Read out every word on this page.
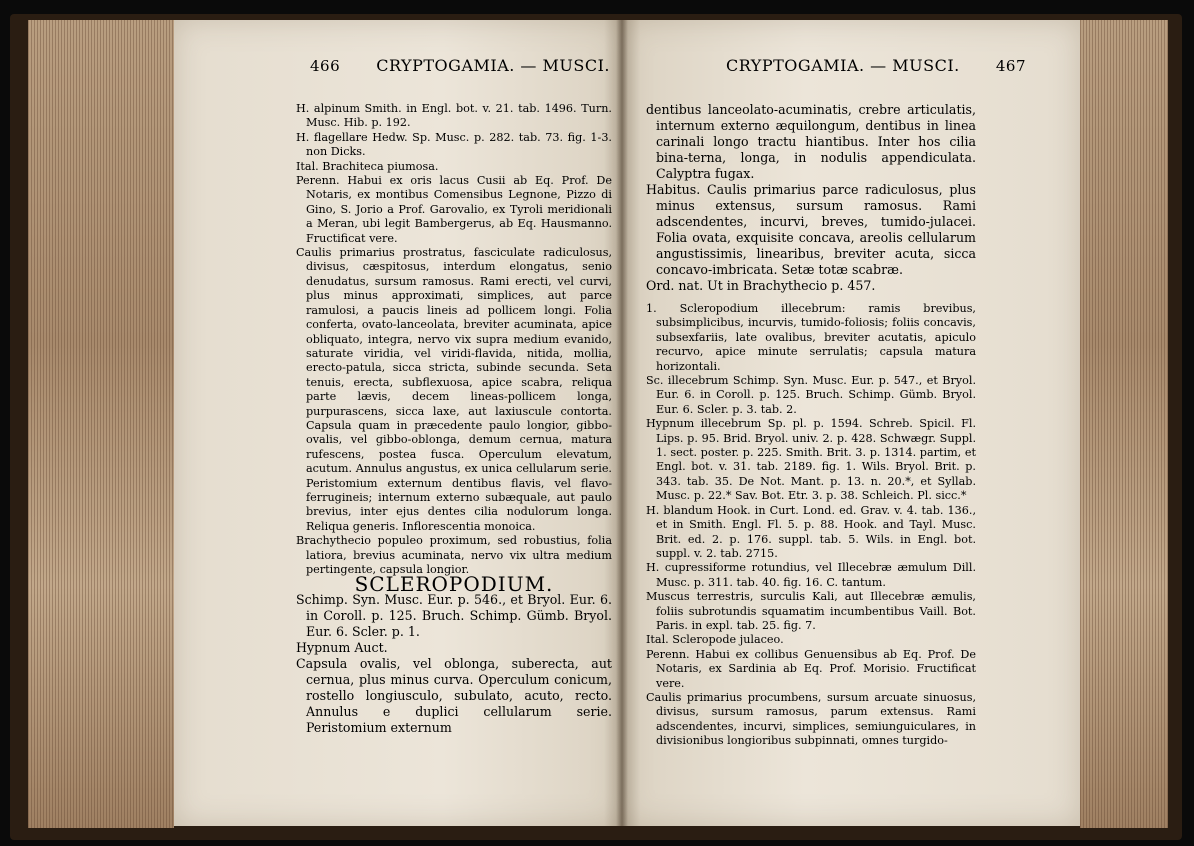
466 CRYPTOGAMIA. — MUSCI.	CRYPTOGAMIA. — MUSCI. 467

H. alpinum Smith. in Engl. bot. v. 21. tab. 1496. Turn. Musc. Hib. p. 192.

H. flagellare Hedw. Sp. Musc. p. 282. tab. 73. fig. 1-3. non Dicks.

Ital. Brachiteca piumosa.

Perenn. Habui ex oris lacus Cusii ab Eq. Prof. De Notaris, ex montibus Comensibus Legnone, Pizzo di Gino, S. Jorio a Prof. Garovalio, ex Tyroli meridionali a Meran, ubi legit Bambergerus, ab Eq. Hausmanno. Fructificat vere.

Caulis primarius prostratus, fasciculate radiculosus, divisus, cæspitosus, interdum elongatus, senio denudatus, sursum ramosus. Rami erecti, vel curvi, plus minus approximati, simplices, aut parce ramulosi, a paucis lineis ad pollicem longi. Folia conferta, ovato-lanceolata, breviter acuminata, apice obliquato, integra, nervo vix supra medium evanido, saturate viridia, vel viridi-flavida, nitida, mollia, erecto-patula, sicca stricta, subinde secunda. Seta tenuis, erecta, subflexuosa, apice scabra, reliqua parte lævis, decem lineas-pollicem longa, purpurascens, sicca laxe, aut laxiuscule contorta. Capsula quam in præcedente paulo longior, gibbo-ovalis, vel gibbo-oblonga, demum cernua, matura rufescens, postea fusca. Operculum elevatum, acutum. Annulus angustus, ex unica cellularum serie. Peristomium externum dentibus flavis, vel flavo-ferrugineis; internum externo subæquale, aut paulo brevius, inter ejus dentes cilia nodulorum longa. Reliqua generis. Inflorescentia monoica.

Brachythecio populeo proximum, sed robustius, folia latiora, brevius acuminata, nervo vix ultra medium pertingente, capsula longior.

SCLEROPODIUM.

Schimp. Syn. Musc. Eur. p. 546., et Bryol. Eur. 6. in Coroll. p. 125. Bruch. Schimp. Gümb. Bryol. Eur. 6. Scler. p. 1.

Hypnum Auct.

Capsula ovalis, vel oblonga, suberecta, aut cernua, plus minus curva. Operculum conicum, rostello longiusculo, subulato, acuto, recto. Annulus e duplici cellularum serie. Peristomium externum

dentibus lanceolato-acuminatis, crebre articulatis, internum externo æquilongum, dentibus in linea carinali longo tractu hiantibus. Inter hos cilia bina-terna, longa, in nodulis appendiculata. Calyptra fugax.

Habitus. Caulis primarius parce radiculosus, plus minus extensus, sursum ramosus. Rami adscendentes, incurvi, breves, tumido-julacei. Folia ovata, exquisite concava, areolis cellularum angustissimis, linearibus, breviter acuta, sicca concavo-imbricata. Setæ totæ scabræ.

Ord. nat. Ut in Brachythecio p. 457.

1. Scleropodium illecebrum: ramis brevibus, subsimplicibus, incurvis, tumido-foliosis; foliis concavis, subsexfariis, late ovalibus, breviter acutatis, apiculo recurvo, apice minute serrulatis; capsula matura horizontali.

Sc. illecebrum Schimp. Syn. Musc. Eur. p. 547., et Bryol. Eur. 6. in Coroll. p. 125. Bruch. Schimp. Gümb. Bryol. Eur. 6. Scler. p. 3. tab. 2.

Hypnum illecebrum Sp. pl. p. 1594. Schreb. Spicil. Fl. Lips. p. 95. Brid. Bryol. univ. 2. p. 428. Schwægr. Suppl. 1. sect. poster. p. 225. Smith. Brit. 3. p. 1314. partim, et Engl. bot. v. 31. tab. 2189. fig. 1. Wils. Bryol. Brit. p. 343. tab. 35. De Not. Mant. p. 13. n. 20.*, et Syllab. Musc. p. 22.* Sav. Bot. Etr. 3. p. 38. Schleich. Pl. sicc.*

H. blandum Hook. in Curt. Lond. ed. Grav. v. 4. tab. 136., et in Smith. Engl. Fl. 5. p. 88. Hook. and Tayl. Musc. Brit. ed. 2. p. 176. suppl. tab. 5. Wils. in Engl. bot. suppl. v. 2. tab. 2715.

H. cupressiforme rotundius, vel Illecebræ æmulum Dill. Musc. p. 311. tab. 40. fig. 16. C. tantum.

Muscus terrestris, surculis Kali, aut Illecebræ æmulis, foliis subrotundis squamatim incumbentibus Vaill. Bot. Paris. in expl. tab. 25. fig. 7.

Ital. Scleropode julaceo.

Perenn. Habui ex collibus Genuensibus ab Eq. Prof. De Notaris, ex Sardinia ab Eq. Prof. Morisio. Fructificat vere.

Caulis primarius procumbens, sursum arcuate sinuosus, divisus, sursum ramosus, parum extensus. Rami adscendentes, incurvi, simplices, semiunguiculares, in divisionibus longioribus subpinnati, omnes turgido-
